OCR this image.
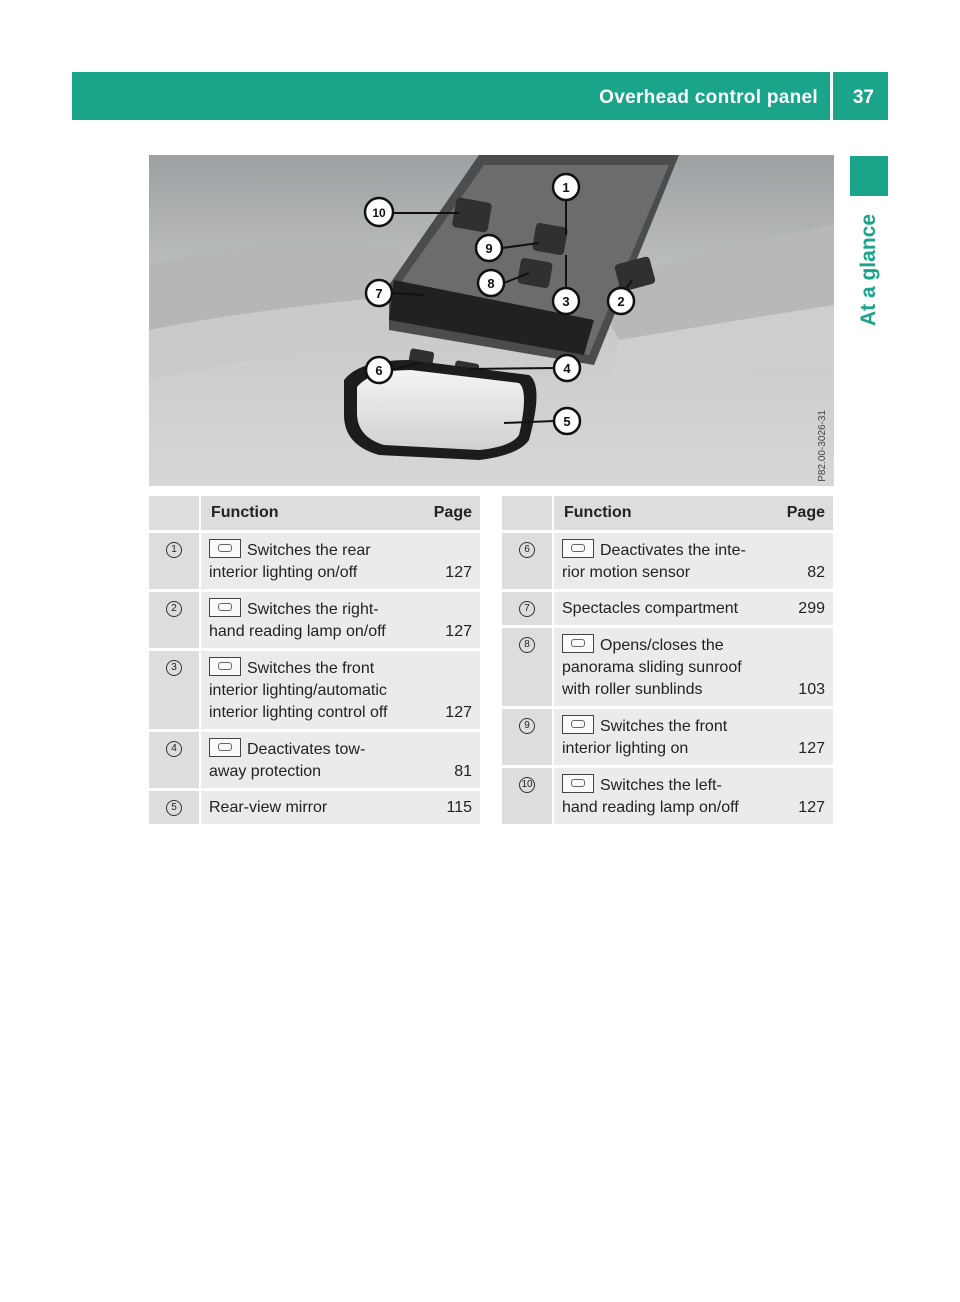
Overhead control panel 37
At a glance
1
2
3
4
5
6
7
8
9
10
P82.00-3026-31
	Function	Page
1	Switches the rear
interior lighting on/off	127
2	Switches the right-
hand reading lamp on/off	127
3	Switches the front
interior lighting/automatic
interior lighting control off	127
4	Deactivates tow-
away protection	81
5	Rear-view mirror	115
	Function	Page
6	Deactivates the inte-
rior motion sensor	82
7	Spectacles compartment	299
8	Opens/closes the
panorama sliding sunroof
with roller sunblinds	103
9	Switches the front
interior lighting on	127
10	Switches the left-
hand reading lamp on/off	127
